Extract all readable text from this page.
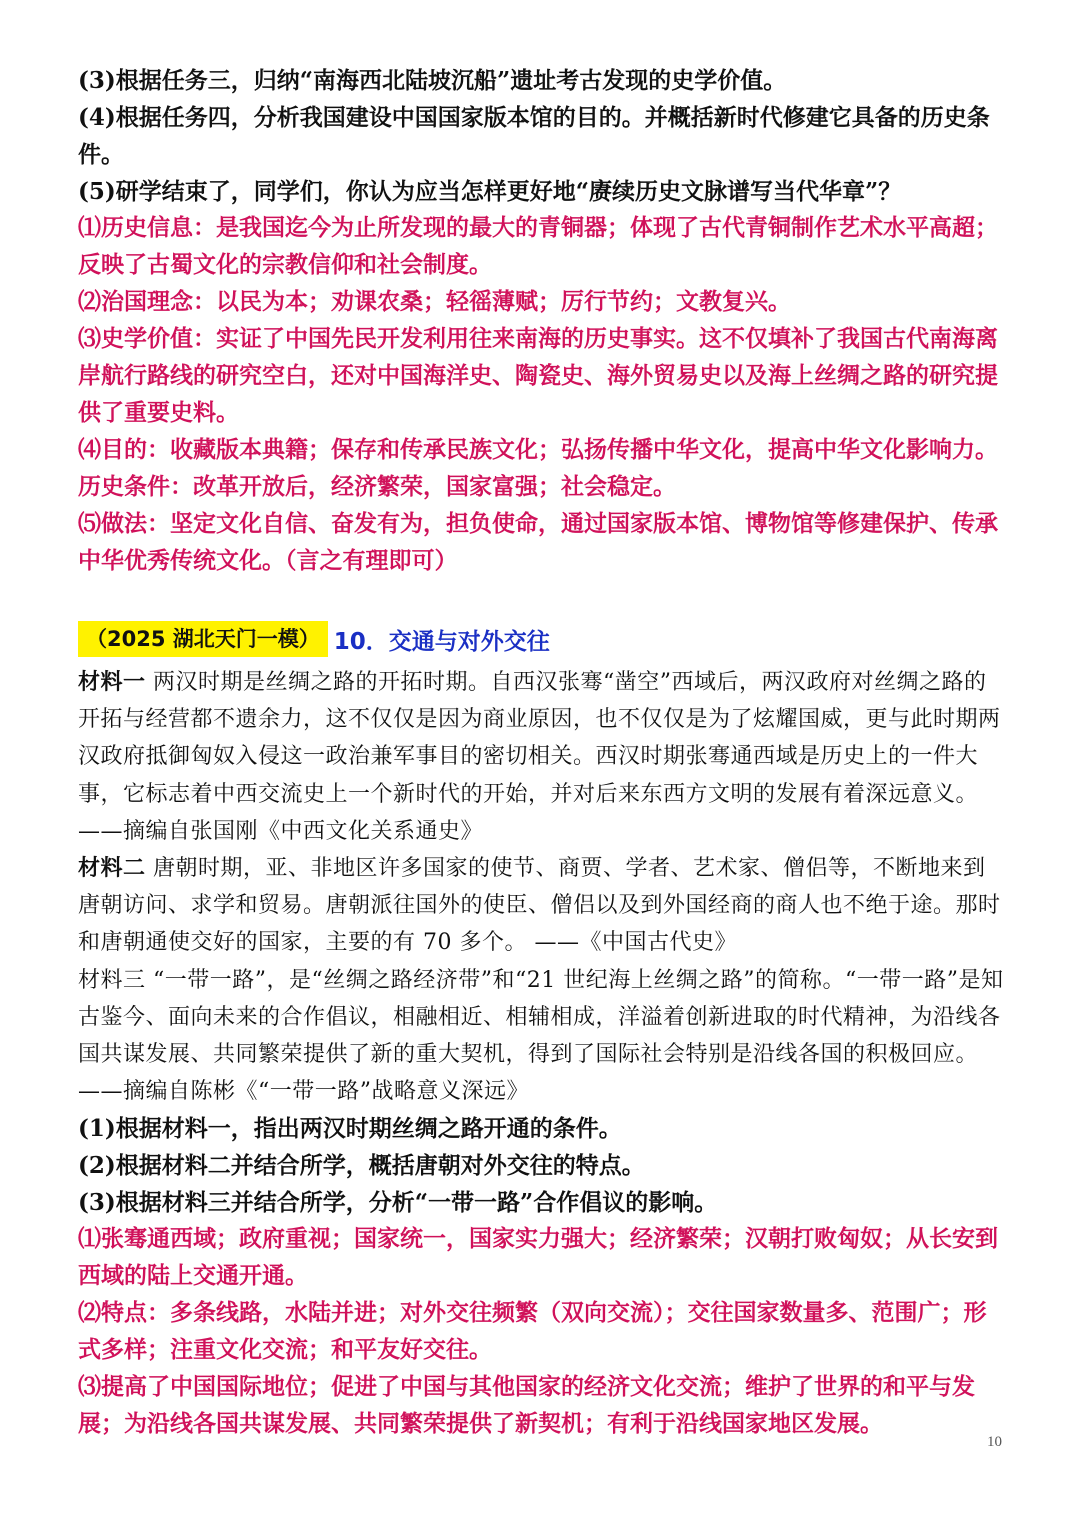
(3)根据任务三，归纳“南海西北陆坡沉船”遗址考古发现的史学价值。

(4)根据任务四，分析我国建设中国国家版本馆的目的。并概括新时代修建它具备的历史条件。

(5)研学结束了，同学们，你认为应当怎样更好地“赓续历史文脉谱写当代华章”？

⑴历史信息：是我国迄今为止所发现的最大的青铜器；体现了古代青铜制作艺术水平高超；反映了古蜀文化的宗教信仰和社会制度。

⑵治国理念：以民为本；劝课农桑；轻徭薄赋；厉行节约；文教复兴。

⑶史学价值：实证了中国先民开发利用往来南海的历史事实。这不仅填补了我国古代南海离岸航行路线的研究空白，还对中国海洋史、陶瓷史、海外贸易史以及海上丝绸之路的研究提供了重要史料。

⑷目的：收藏版本典籍；保存和传承民族文化；弘扬传播中华文化，提高中华文化影响力。历史条件：改革开放后，经济繁荣，国家富强；社会稳定。

⑸做法：坚定文化自信、奋发有为，担负使命，通过国家版本馆、博物馆等修建保护、传承中华优秀传统文化。（言之有理即可）

（2025 湖北天门一模） 10．交通与对外交往

材料一 两汉时期是丝绸之路的开拓时期。自西汉张骞“凿空”西域后，两汉政府对丝绸之路的开拓与经营都不遗余力，这不仅仅是因为商业原因，也不仅仅是为了炫耀国威，更与此时期两汉政府抵御匈奴入侵这一政治兼军事目的密切相关。西汉时期张骞通西域是历史上的一件大事，它标志着中西交流史上一个新时代的开始，并对后来东西方文明的发展有着深远意义。 ——摘编自张国刚《中西文化关系通史》

材料二 唐朝时期，亚、非地区许多国家的使节、商贾、学者、艺术家、僧侣等，不断地来到唐朝访问、求学和贸易。唐朝派往国外的使臣、僧侣以及到外国经商的商人也不绝于途。那时和唐朝通使交好的国家，主要的有 70 多个。 ——《中国古代史》

材料三 “一带一路”，是“丝绸之路经济带”和“21 世纪海上丝绸之路”的简称。“一带一路”是知古鉴今、面向未来的合作倡议，相融相近、相辅相成，洋溢着创新进取的时代精神，为沿线各国共谋发展、共同繁荣提供了新的重大契机，得到了国际社会特别是沿线各国的积极回应。 ——摘编自陈彬《“一带一路”战略意义深远》

(1)根据材料一，指出两汉时期丝绸之路开通的条件。

(2)根据材料二并结合所学，概括唐朝对外交往的特点。

(3)根据材料三并结合所学，分析“一带一路”合作倡议的影响。

⑴张骞通西域；政府重视；国家统一，国家实力强大；经济繁荣；汉朝打败匈奴；从长安到西域的陆上交通开通。

⑵特点：多条线路，水陆并进；对外交往频繁（双向交流）；交往国家数量多、范围广；形式多样；注重文化交流；和平友好交往。

⑶提高了中国国际地位；促进了中国与其他国家的经济文化交流；维护了世界的和平与发展；为沿线各国共谋发展、共同繁荣提供了新契机；有利于沿线国家地区发展。

10
